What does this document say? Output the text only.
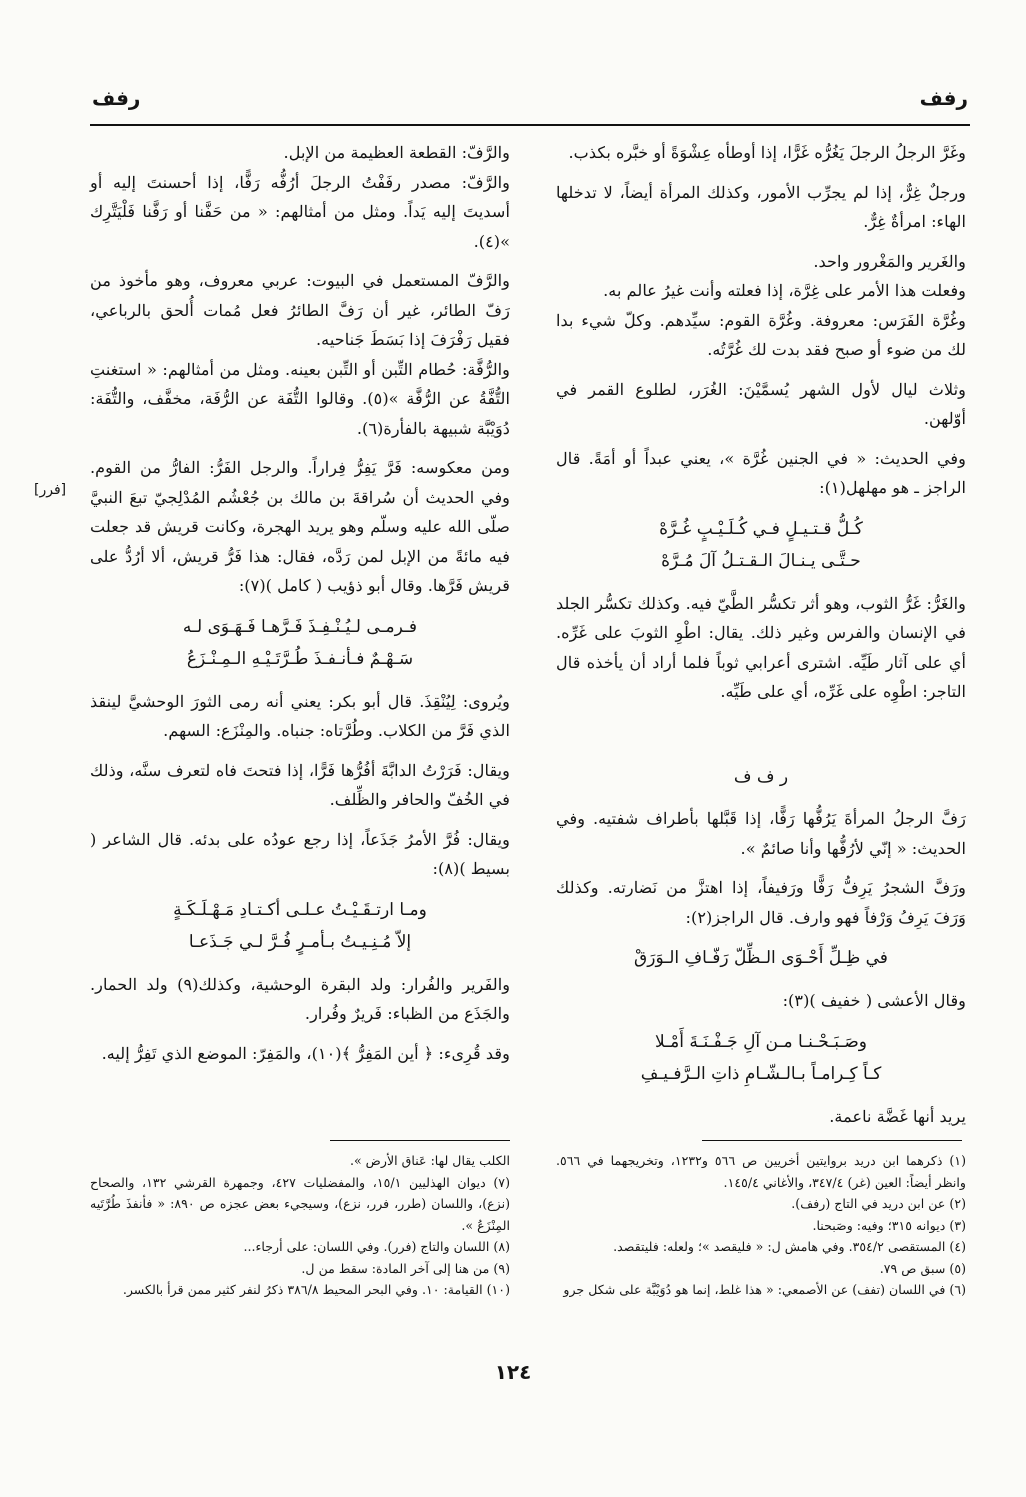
رفف
رفف

وغَرَّ الرجلُ الرجلَ يَغُرُّه غَرًّا، إذا أوطأه عِشْوَةً أو خبَّره بكذب.

ورجلٌ غِرٌّ، إذا لم يجرِّب الأمور، وكذلك المرأة أيضاً، لا تدخلها الهاء: امرأةٌ غِرٌّ.

والغَرير والمَغْرور واحد.

وفعلت هذا الأمر على غِرَّة، إذا فعلته وأنت غيرُ عالم به.

وغُرَّة الفَرَس: معروفة. وغُرَّة القوم: سيِّدهم. وكلّ شيء بدا لك من ضوء أو صبح فقد بدت لك غُرَّتُه.

وثلاث ليال لأول الشهر يُسمَّيْنَ: الغُرَر، لطلوع القمر في أوّلهن.

وفي الحديث: « في الجنين غُرَّة »، يعني عبداً أو أمَةً. قال الراجز ـ هو مهلهل(١):

كُـلُّ قـتـيـلٍ فـي كُـلَـيْـبٍ غُـرَّهْ
حـتَّـى يـنـالَ الـقـتـلُ آلَ مُـرَّهْ

والغَرُّ: غَرُّ الثوب، وهو أثر تكسُّر الطَّيّ فيه. وكذلك تكسُّر الجلد في الإنسان والفرس وغير ذلك. يقال: اطْوِ الثوبَ على غَرِّه. أي على آثار طَيِّه. اشترى أعرابي ثوباً فلما أراد أن يأخذه قال التاجر: اطْوِه على غَرِّه، أي على طَيِّه.

ر ف ف

رَفَّ الرجلُ المرأةَ يَرُفُّها رَفًّا، إذا قَبَّلها بأطراف شفتيه. وفي الحديث: « إنّي لأرُفُّها وأنا صائمٌ ».

ورَفَّ الشجرُ يَرِفُّ رَفًّا ورَفيفاً، إذا اهتزَّ من نَضارته. وكذلك وَرَفَ يَرِفُ وَرْفاً فهو وارف. قال الراجز(٢):

في ظِـلِّ أَحْـوَى الـظِّلّ رَفّـافِ الـوَرَقْ

وقال الأعشى ( خفيف )(٣):

وصَـبَـحْـنـا مـن آلِ جَـفْـنَـةَ أَمْـلا
كـاً كِـرامـاً بـالـشّـامِ ذاتِ الـرَّفـيـفِ

يريد أنها غَضَّة ناعمة.

والرَّفّ: القطعة العظيمة من الإبل.

والرَّفّ: مصدر رفَفْتُ الرجلَ أرُفُّه رَفًّا، إذا أحسنتَ إليه أو أسديتَ إليه يَداً. ومثل من أمثالهم: « من حَفَّنا أو رَفَّنا فَلْيَتَّرِك »(٤).

والرَّفّ المستعمل في البيوت: عربي معروف، وهو مأخوذ من رَفّ الطائر، غير أن رَفَّ الطائرُ فعل مُمات أُلحق بالرباعي، فقيل رَفْرَفَ إذا بَسَطَ جَناحيه.

والرُّفَّة: حُطام التِّبن أو التِّبن بعينه. ومثل من أمثالهم: « استغنتِ التُّفَّةُ عن الرُّفَّة »(٥). وقالوا التُّفَة عن الرُّفَة، مخفَّف، والتُّفَة: دُوَيْبَّة شبيهة بالفأرة(٦).

ومن معكوسه: فَرَّ يَفِرُّ فِراراً. والرجل الفَرُّ: الفارُّ من القوم. وفي الحديث أن سُراقةَ بن مالك بن جُعْشُم المُدْلِجيّ تبعَ النبيَّ صلّى الله عليه وسلّم وهو يريد الهجرة، وكانت قريش قد جعلت فيه مائةً من الإبل لمن رَدَّه، فقال: هذا فَرُّ قريش، ألا أرُدُّ على قريش فَرَّها. وقال أبو ذؤيب ( كامل )(٧):

فـرمـى لـيُـنْـفِـذَ فَـرَّهـا فَـهَـوَى لـه
سَـهْـمٌ فـأنـفـذَ طُـرَّتَـيْـهِ الـمِـنْـزَعُ

ويُروى: لِيُنْقِذَ. قال أبو بكر: يعني أنه رمى الثورَ الوحشيَّ لينقذ الذي فَرَّ من الكلاب. وطُرَّتاه: جنباه. والمِنْزَع: السهم.

ويقال: فَرَرْتُ الدابَّةَ أفُرُّها فَرًّا، إذا فتحتَ فاه لتعرف سنَّه، وذلك في الخُفّ والحافر والظِّلف.

ويقال: فُرَّ الأمرُ جَذَعاً، إذا رجع عودُه على بدئه. قال الشاعر ( بسيط )(٨):

ومـا ارتـقَـيْـتُ عـلـى أكـتـادِ مَـهْـلَـكَـةٍ
إلاّ مُـنِـيـتُ بـأمـرٍ فُـرَّ لـي جَـذَعـا

والفَرير والفُرار: ولد البقرة الوحشية، وكذلك(٩) ولد الحمار. والجَذَع من الظباء: فَريرٌ وفُرار.

وقد قُرِىء: ﴿ أين المَفِرُّ ﴾(١٠)، والمَفِرّ: الموضع الذي تَفِرُّ إليه.

[فرر]
(١) ذكرهما ابن دريد بروايتين أخريين ص ٥٦٦ و١٢٣٢، وتخريجهما في ٥٦٦. وانظر أيضاً: العين (غر) ٣٤٧/٤، والأغاني ١٤٥/٤.
(٢) عن ابن دريد في التاج (رفف).
(٣) ديوانه ٣١٥؛ وفيه: وصَبحنا.
(٤) المستقصى ٣٥٤/٢. وفي هامش ل: « فليقصد »؛ ولعله: فليتقصد.
(٥) سبق ص ٧٩.
(٦) في اللسان (تفف) عن الأصمعي: « هذا غلط، إنما هو دُوَيْبَّة على شكل جرو
الكلب يقال لها: عَناق الأرض ».
(٧) ديوان الهذليين ١٥/١، والمفضليات ٤٢٧، وجمهرة القرشي ١٣٢، والصحاح (نزع)، واللسان (طرر، فرر، نزع)، وسيجيء بعض عجزه ص ٨٩٠: « فأنفذَ طُرَّتَيه المِنْزَعُ ».
(٨) اللسان والتاج (فرر). وفي اللسان: على أرجاء...
(٩) من هنا إلى آخر المادة: سقط من ل.
(١٠) القيامة: ١٠. وفي البحر المحيط ٣٨٦/٨ ذكرُ لنفر كثير ممن قرأ بالكسر.
١٢٤
